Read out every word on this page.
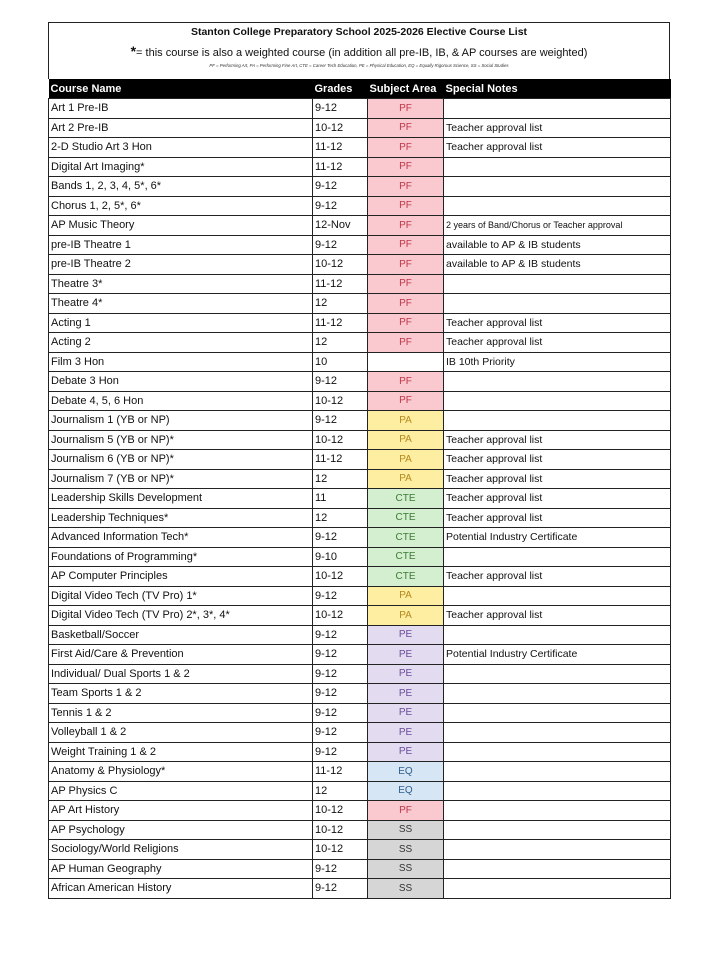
Stanton College Preparatory School 2025-2026 Elective Course List
*= this course is also a weighted course (in addition all pre-IB, IB, & AP courses are weighted)
PF = Performing Art, PA = Performing Fine Art, CTE = Career Tech Education, PE = Physical Education, EQ = Equally Rigorous Science, SS = Social Studies
Course Name	Grades	Subject Area	Special Notes
Art 1 Pre-IB	9-12	PF	
Art 2 Pre-IB	10-12	PF	Teacher approval list
2-D Studio Art 3 Hon	11-12	PF	Teacher approval list
Digital Art Imaging*	11-12	PF	
Bands 1, 2, 3, 4, 5*, 6*	9-12	PF	
Chorus 1, 2, 5*, 6*	9-12	PF	
AP Music Theory	12-Nov	PF	2 years of Band/Chorus or Teacher approval
pre-IB Theatre 1	9-12	PF	available to AP & IB students
pre-IB Theatre 2	10-12	PF	available to AP & IB students
Theatre 3*	11-12	PF	
Theatre 4*	12	PF	
Acting 1	11-12	PF	Teacher approval list
Acting 2	12	PF	Teacher approval list
Film 3 Hon	10		IB 10th Priority
Debate 3 Hon	9-12	PF	
Debate 4, 5, 6 Hon	10-12	PF	
Journalism 1 (YB or NP)	9-12	PA	
Journalism 5 (YB or NP)*	10-12	PA	Teacher approval list
Journalism 6 (YB or NP)*	11-12	PA	Teacher approval list
Journalism 7 (YB or NP)*	12	PA	Teacher approval list
Leadership Skills Development	11	CTE	Teacher approval list
Leadership Techniques*	12	CTE	Teacher approval list
Advanced Information Tech*	9-12	CTE	Potential Industry Certificate
Foundations of Programming*	9-10	CTE	
AP Computer Principles	10-12	CTE	Teacher approval list
Digital Video Tech (TV Pro) 1*	9-12	PA	
Digital Video Tech (TV Pro) 2*, 3*, 4*	10-12	PA	Teacher approval list
Basketball/Soccer	9-12	PE	
First Aid/Care & Prevention	9-12	PE	Potential Industry Certificate
Individual/ Dual Sports 1 & 2	9-12	PE	
Team Sports 1 & 2	9-12	PE	
Tennis 1 & 2	9-12	PE	
Volleyball 1 & 2	9-12	PE	
Weight Training 1 & 2	9-12	PE	
Anatomy & Physiology*	11-12	EQ	
AP Physics C	12	EQ	
AP Art History	10-12	PF	
AP Psychology	10-12	SS	
Sociology/World Religions	10-12	SS	
AP Human Geography	9-12	SS	
African American History	9-12	SS	
